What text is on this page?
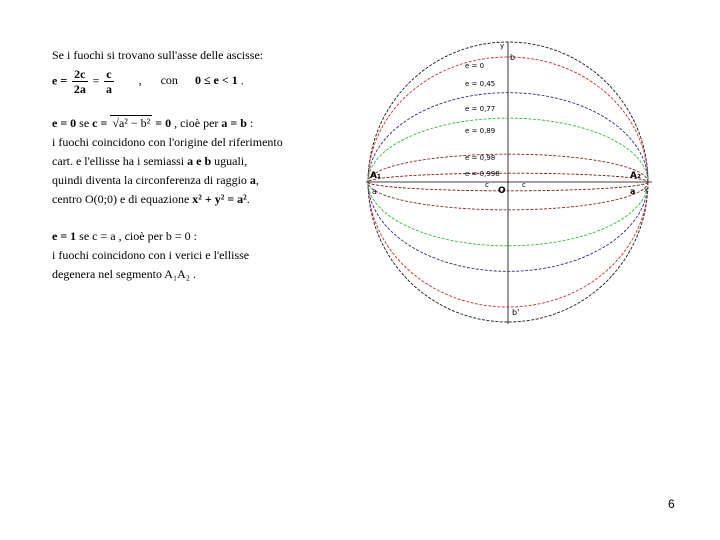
Se i fuochi si trovano sull'asse delle ascisse:
$e = \frac{2c}{2a} = \frac{c}{a}$ , con 0 ≤ e < 1 .
e = 0 se c = √a² − b² = 0 , cioè per a = b :
i fuochi coincidono con l'origine del riferimento
cart. e l'ellisse ha i semiassi a e b uguali,
quindi diventa la circonferenza di raggio a,
centro O(0;0) e di equazione x² + y² = a².
e = 1 se c = a , cioè per b = 0 :
i fuochi coincidono con i verici e l'ellisse
degenera nel segmento A₁A₂ .
e = 0
e = 0,45
e = 0,77
e = 0,89
e = 0,98
e = 0,998
b
b'
A₁	A₂
a	a x
y
O
c	c
6
